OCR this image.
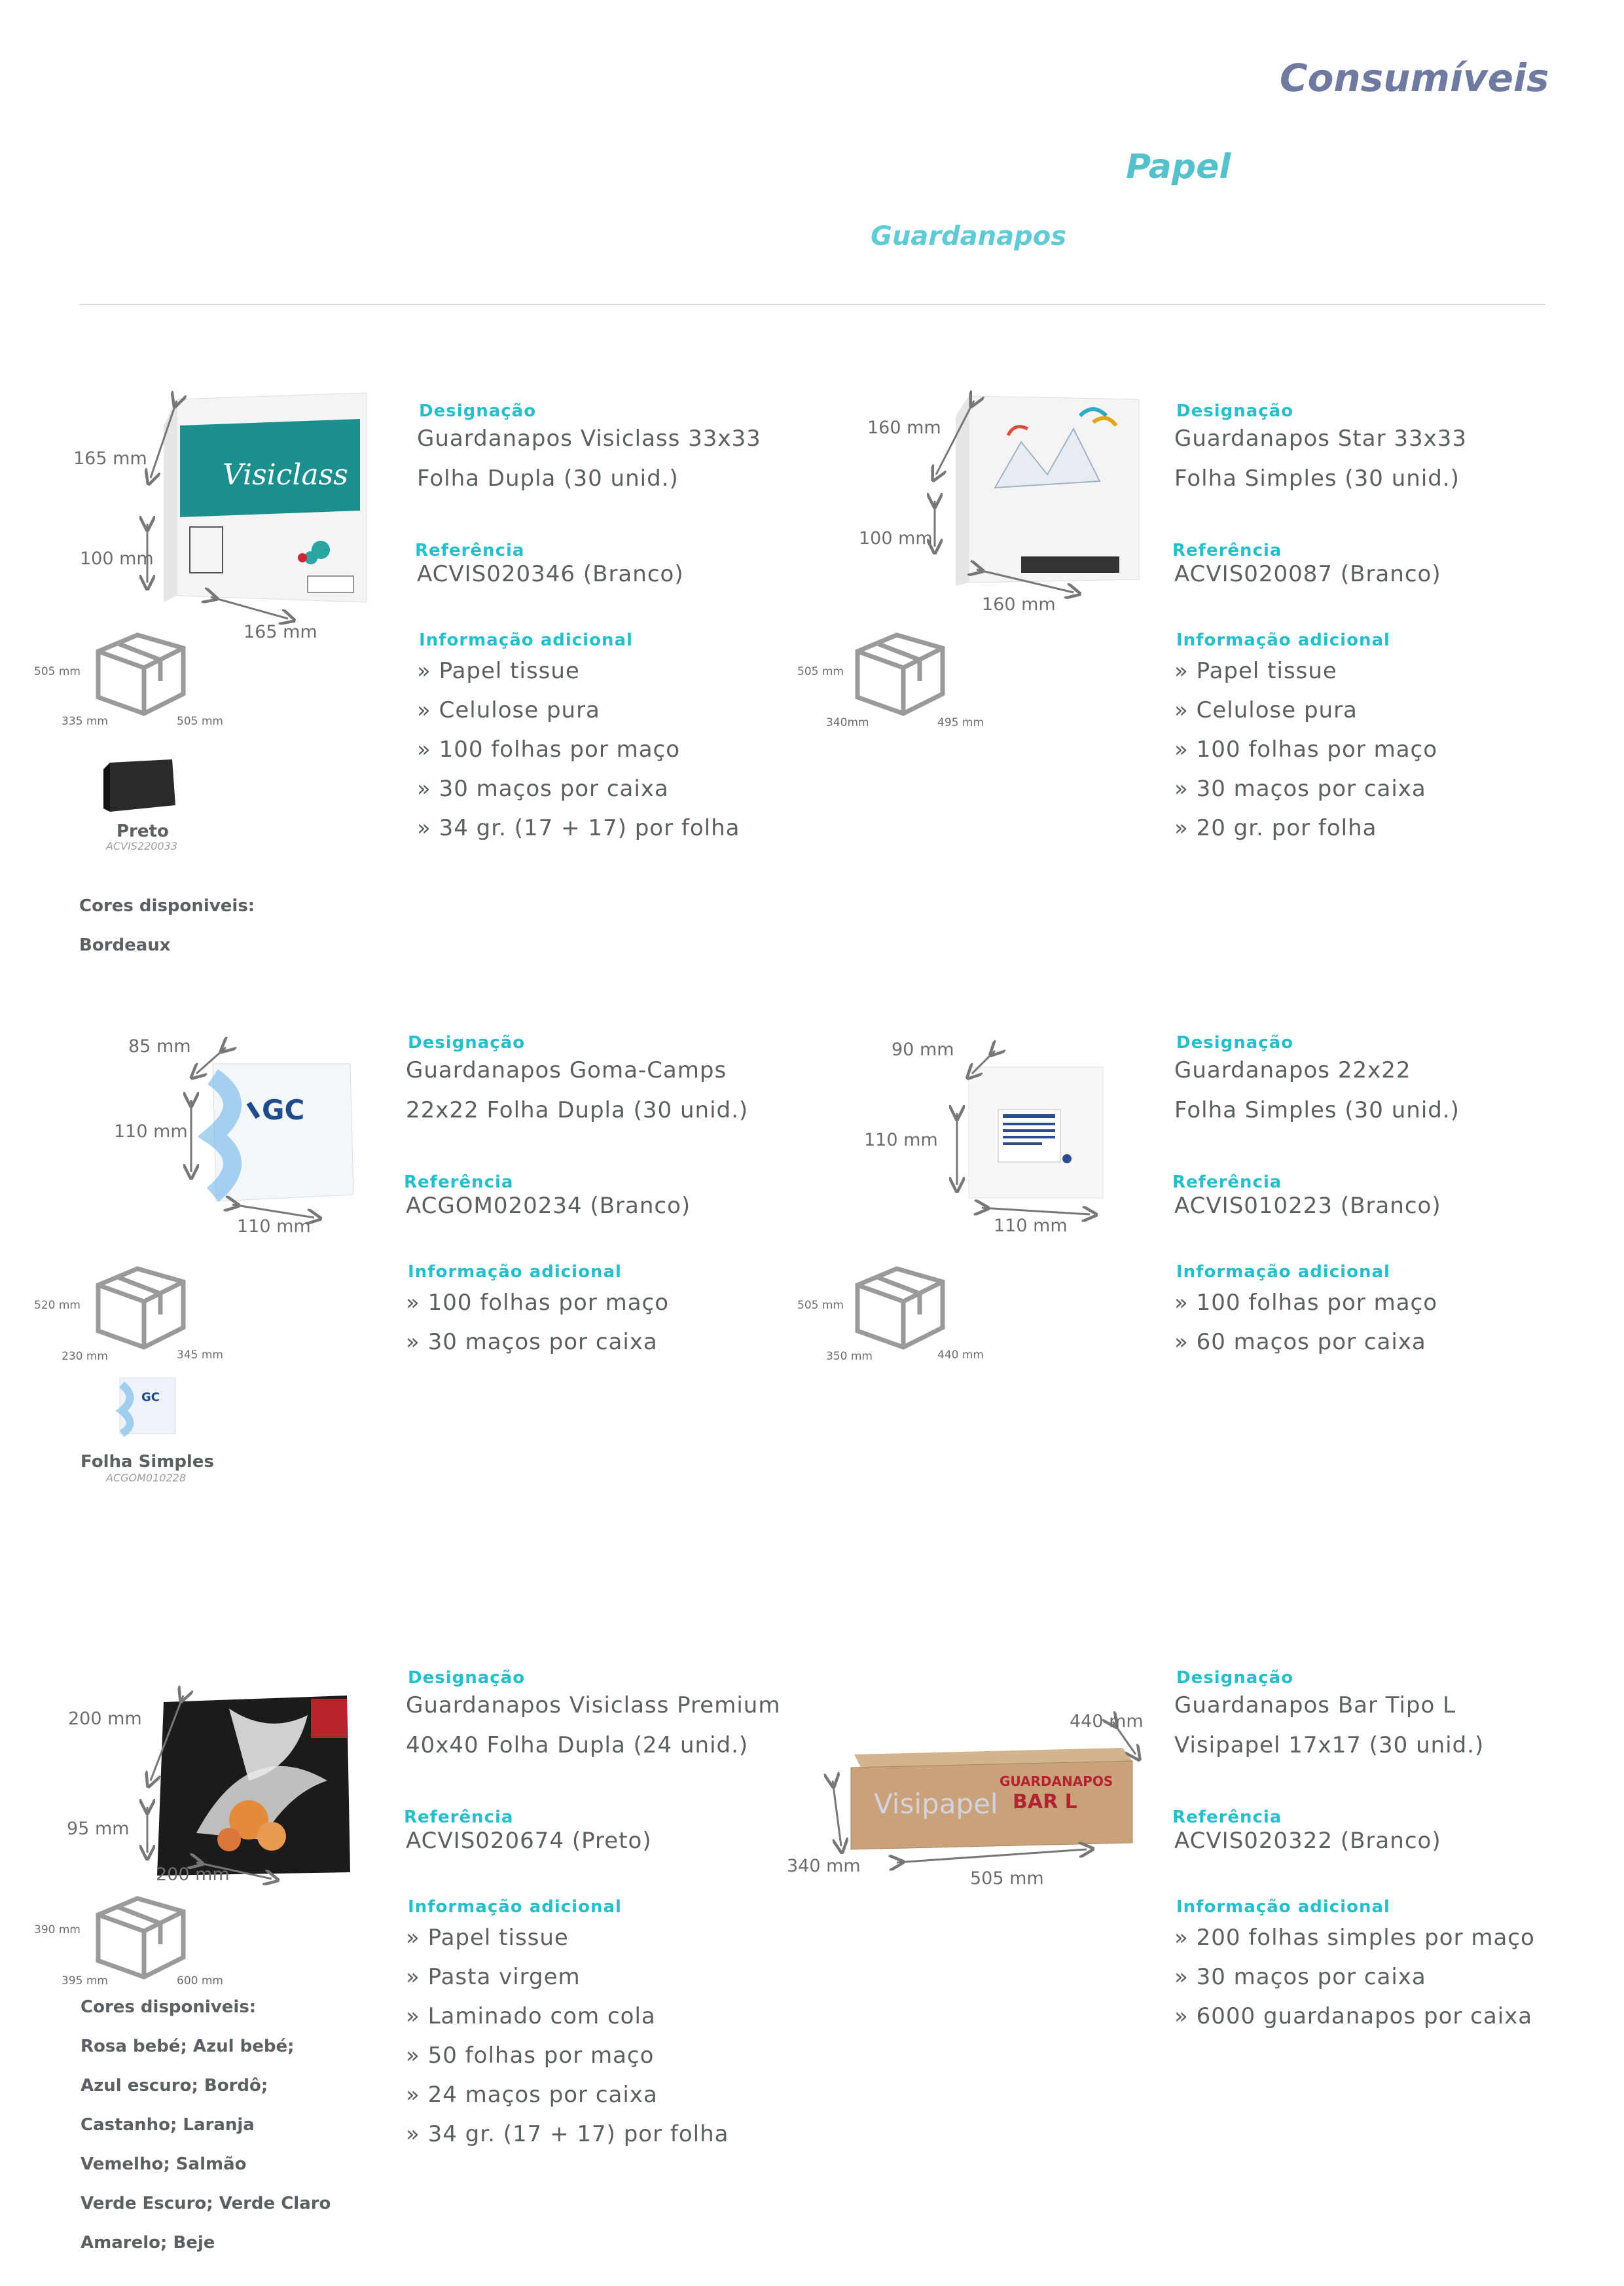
Consumíveis
Papel
Guardanapos
Visiclass
165 mm
100 mm
165 mm
505 mm
335 mm	505 mm
Preto
ACVIS220033
Cores disponiveis:
Bordeaux
Designação
Guardanapos Visiclass 33x33
Folha Dupla (30 unid.)
Referência
ACVIS020346 (Branco)
Informação adicional
» Papel tissue
» Celulose pura
» 100 folhas por maço
» 30 maços por caixa
» 34 gr. (17 + 17) por folha
160 mm
100 mm
160 mm
505 mm
340mm	495 mm
Designação
Guardanapos Star 33x33
Folha Simples (30 unid.)
Referência
ACVIS020087 (Branco)
Informação adicional
» Papel tissue
» Celulose pura
» 100 folhas por maço
» 30 maços por caixa
» 20 gr. por folha
GC
85 mm
110 mm
110 mm
520 mm
230 mm	345 mm
GC
Folha Simples
ACGOM010228
Designação
Guardanapos Goma-Camps
22x22 Folha Dupla (30 unid.)
Referência
ACGOM020234 (Branco)
Informação adicional
» 100 folhas por maço
» 30 maços por caixa
90 mm
110 mm
110 mm
505 mm
350 mm	440 mm
Designação
Guardanapos 22x22
Folha Simples (30 unid.)
Referência
ACVIS010223 (Branco)
Informação adicional
» 100 folhas por maço
» 60 maços por caixa
200 mm
95 mm
200 mm
390 mm
395 mm	600 mm
Cores disponiveis:
Rosa bebé; Azul bebé;
Azul escuro; Bordô;
Castanho; Laranja
Vemelho; Salmão
Verde Escuro; Verde Claro
Amarelo; Beje
Designação
Guardanapos Visiclass Premium
40x40 Folha Dupla (24 unid.)
Referência
ACVIS020674 (Preto)
Informação adicional
» Papel tissue
» Pasta virgem
» Laminado com cola
» 50 folhas por maço
» 24 maços por caixa
» 34 gr. (17 + 17) por folha
Visipapel
GUARDANAPOS
BAR L
440 mm
340 mm
505 mm
Designação
Guardanapos Bar Tipo L
Visipapel 17x17 (30 unid.)
Referência
ACVIS020322 (Branco)
Informação adicional
» 200 folhas simples por maço
» 30 maços por caixa
» 6000 guardanapos por caixa
